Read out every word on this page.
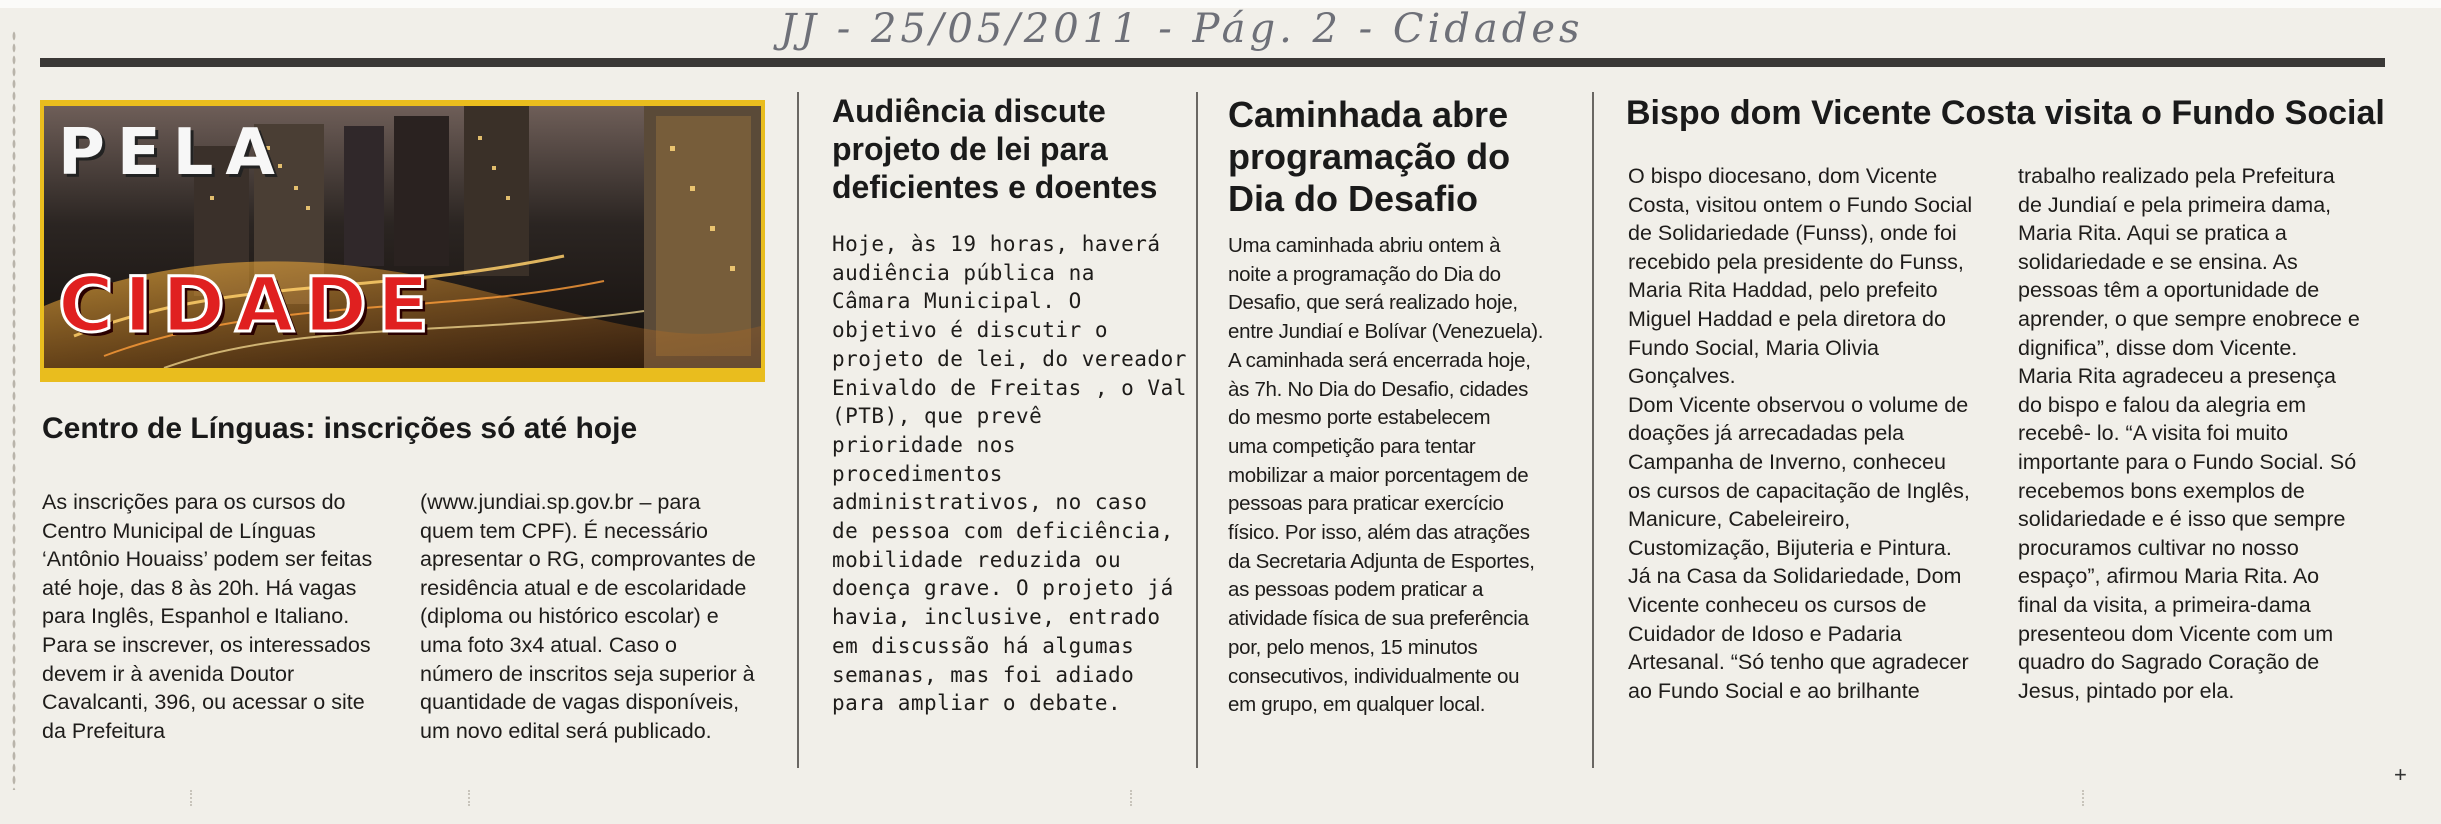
JJ - 25/05/2011 - Pág. 2 - Cidades
PELA
CIDADE
Centro de Línguas: inscrições só até hoje

As inscrições para os cursos do

Centro Municipal de Línguas

‘Antônio Houaiss’ podem ser feitas

até hoje, das 8 às 20h. Há vagas

para Inglês, Espanhol e Italiano.

Para se inscrever, os interessados

devem ir à avenida Doutor

Cavalcanti, 396, ou acessar o site

da Prefeitura

(www.jundiai.sp.gov.br – para

quem tem CPF). É necessário

apresentar o RG, comprovantes de

residência atual e de escolaridade

(diploma ou histórico escolar) e

uma foto 3x4 atual. Caso o

número de inscritos seja superior à

quantidade de vagas disponíveis,

um novo edital será publicado.

Audiência discute
projeto de lei para
deficientes e doentes

Hoje, às 19 horas, haverá

audiência pública na

Câmara Municipal. O

objetivo é discutir o

projeto de lei, do vereador

Enivaldo de Freitas , o Val

(PTB), que prevê

prioridade nos

procedimentos

administrativos, no caso

de pessoa com deficiência,

mobilidade reduzida ou

doença grave. O projeto já

havia, inclusive, entrado

em discussão há algumas

semanas, mas foi adiado

para ampliar o debate.

Caminhada abre
programação do
Dia do Desafio

Uma caminhada abriu ontem à

noite a programação do Dia do

Desafio, que será realizado hoje,

entre Jundiaí e Bolívar (Venezuela).

A caminhada será encerrada hoje,

às 7h. No Dia do Desafio, cidades

do mesmo porte estabelecem

uma competição para tentar

mobilizar a maior porcentagem de

pessoas para praticar exercício

físico. Por isso, além das atrações

da Secretaria Adjunta de Esportes,

as pessoas podem praticar a

atividade física de sua preferência

por, pelo menos, 15 minutos

consecutivos, individualmente ou

em grupo, em qualquer local.

Bispo dom Vicente Costa visita o Fundo Social

O bispo diocesano, dom Vicente

Costa, visitou ontem o Fundo Social

de Solidariedade (Funss), onde foi

recebido pela presidente do Funss,

Maria Rita Haddad, pelo prefeito

Miguel Haddad e pela diretora do

Fundo Social, Maria Olivia

Gonçalves.

Dom Vicente observou o volume de

doações já arrecadadas pela

Campanha de Inverno, conheceu

os cursos de capacitação de Inglês,

Manicure, Cabeleireiro,

Customização, Bijuteria e Pintura.

Já na Casa da Solidariedade, Dom

Vicente conheceu os cursos de

Cuidador de Idoso e Padaria

Artesanal. “Só tenho que agradecer

ao Fundo Social e ao brilhante

trabalho realizado pela Prefeitura

de Jundiaí e pela primeira dama,

Maria Rita. Aqui se pratica a

solidariedade e se ensina. As

pessoas têm a oportunidade de

aprender, o que sempre enobrece e

dignifica”, disse dom Vicente.

Maria Rita agradeceu a presença

do bispo e falou da alegria em

recebê- lo. “A visita foi muito

importante para o Fundo Social. Só

recebemos bons exemplos de

solidariedade e é isso que sempre

procuramos cultivar no nosso

espaço”, afirmou Maria Rita. Ao

final da visita, a primeira-dama

presenteou dom Vicente com um

quadro do Sagrado Coração de

Jesus, pintado por ela.

+
